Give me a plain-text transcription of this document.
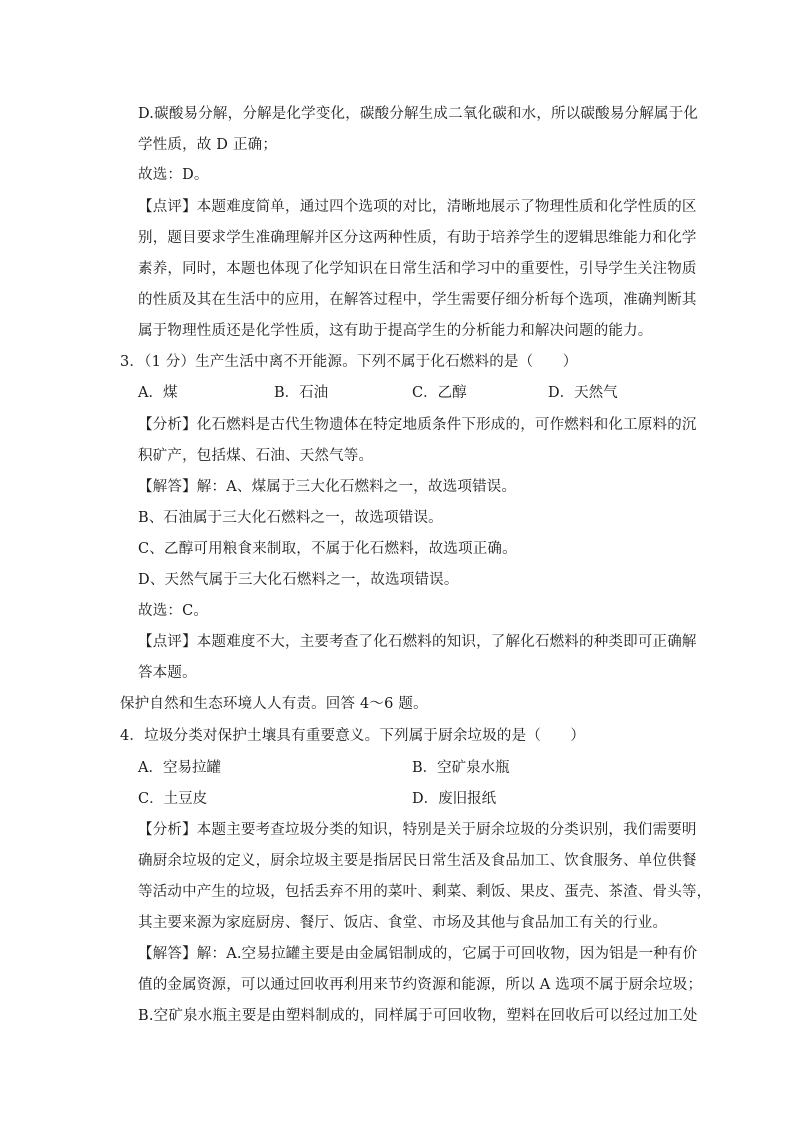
D.碳酸易分解，分解是化学变化，碳酸分解生成二氧化碳和水，所以碳酸易分解属于化
学性质，故 D 正确；
故选：D。
【点评】本题难度简单，通过四个选项的对比，清晰地展示了物理性质和化学性质的区
别，题目要求学生准确理解并区分这两种性质，有助于培养学生的逻辑思维能力和化学
素养，同时，本题也体现了化学知识在日常生活和学习中的重要性，引导学生关注物质
的性质及其在生活中的应用，在解答过程中，学生需要仔细分析每个选项，准确判断其
属于物理性质还是化学性质，这有助于提高学生的分析能力和解决问题的能力。
3．（1 分）生产生活中离不开能源。下列不属于化石燃料的是（　　）
A．煤	B．石油	C．乙醇	D．天然气
【分析】化石燃料是古代生物遗体在特定地质条件下形成的，可作燃料和化工原料的沉
积矿产，包括煤、石油、天然气等。
【解答】解：A、煤属于三大化石燃料之一，故选项错误。
B、石油属于三大化石燃料之一，故选项错误。
C、乙醇可用粮食来制取，不属于化石燃料，故选项正确。
D、天然气属于三大化石燃料之一，故选项错误。
故选：C。
【点评】本题难度不大，主要考查了化石燃料的知识，了解化石燃料的种类即可正确解
答本题。
保护自然和生态环境人人有责。回答 4～6 题。
4．垃圾分类对保护土壤具有重要意义。下列属于厨余垃圾的是（　　）
A．空易拉罐	B．空矿泉水瓶
C．土豆皮	D．废旧报纸
【分析】本题主要考查垃圾分类的知识，特别是关于厨余垃圾的分类识别，我们需要明
确厨余垃圾的定义，厨余垃圾主要是指居民日常生活及食品加工、饮食服务、单位供餐
等活动中产生的垃圾，包括丢弃不用的菜叶、剩菜、剩饭、果皮、蛋壳、茶渣、骨头等，
其主要来源为家庭厨房、餐厅、饭店、食堂、市场及其他与食品加工有关的行业。
【解答】解：A.空易拉罐主要是由金属铝制成的，它属于可回收物，因为铝是一种有价
值的金属资源，可以通过回收再利用来节约资源和能源，所以 A 选项不属于厨余垃圾；
B.空矿泉水瓶主要是由塑料制成的，同样属于可回收物，塑料在回收后可以经过加工处
